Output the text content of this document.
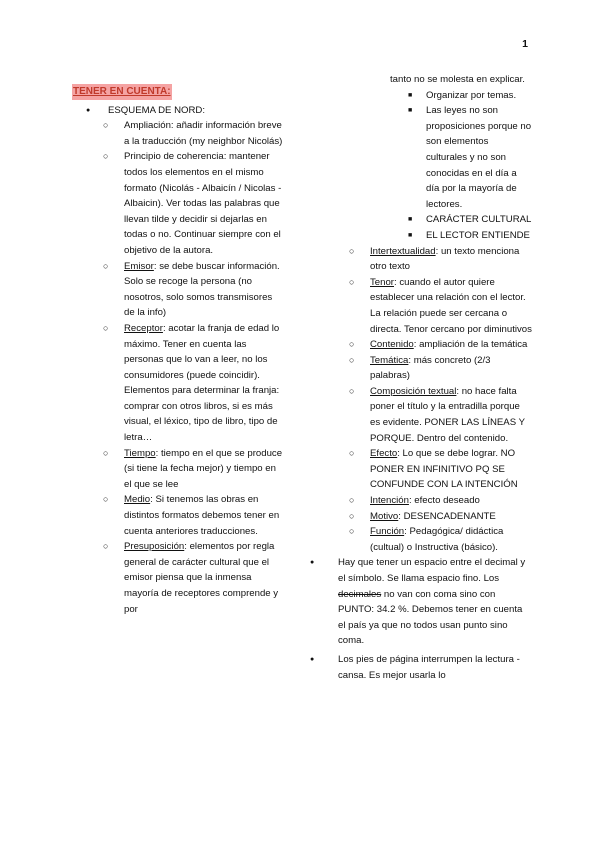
1
TENER EN CUENTA:
● ESQUEMA DE NORD:
○ Ampliación: añadir información breve a la traducción (my neighbor Nicolás)
○ Principio de coherencia: mantener todos los elementos en el mismo formato (Nicolás - Albaicín / Nicolas - Albaicin). Ver todas las palabras que llevan tilde y decidir si dejarlas en todas o no. Continuar siempre con el objetivo de la autora.
○ Emisor: se debe buscar información. Solo se recoge la persona (no nosotros, solo somos transmisores de la info)
○ Receptor: acotar la franja de edad lo máximo. Tener en cuenta las personas que lo van a leer, no los consumidores (puede coincidir). Elementos para determinar la franja: comprar con otros libros, si es más visual, el léxico, tipo de libro, tipo de letra…
○ Tiempo: tiempo en el que se produce (si tiene la fecha mejor) y tiempo en el que se lee
○ Medio: Si tenemos las obras en distintos formatos debemos tener en cuenta anteriores traducciones.
○ Presuposición: elementos por regla general de carácter cultural que el emisor piensa que la inmensa mayoría de receptores comprende y por
tanto no se molesta en explicar.
■ Organizar por temas.
■ Las leyes no son proposiciones porque no son elementos culturales y no son conocidas en el día a día por la mayoría de lectores.
■ CARÁCTER CULTURAL
■ EL LECTOR ENTIENDE
○ Intertextualidad: un texto menciona otro texto
○ Tenor: cuando el autor quiere establecer una relación con el lector. La relación puede ser cercana o directa. Tenor cercano por diminutivos
○ Contenido: ampliación de la temática
○ Temática: más concreto (2/3 palabras)
○ Composición textual: no hace falta poner el título y la entradilla porque es evidente. PONER LAS LÍNEAS Y PORQUE. Dentro del contenido.
○ Efecto: Lo que se debe lograr. NO PONER EN INFINITIVO PQ SE CONFUNDE CON LA INTENCIÓN
○ Intención: efecto deseado
○ Motivo: DESENCADENANTE
○ Función: Pedagógica/ didáctica (cultual) o Instructiva (básico).
● Hay que tener un espacio entre el decimal y el símbolo. Se llama espacio fino. Los decimales no van con coma sino con PUNTO: 34.2 %. Debemos tener en cuenta el país ya que no todos usan punto sino coma.
● Los pies de página interrumpen la lectura - cansa. Es mejor usarla lo
